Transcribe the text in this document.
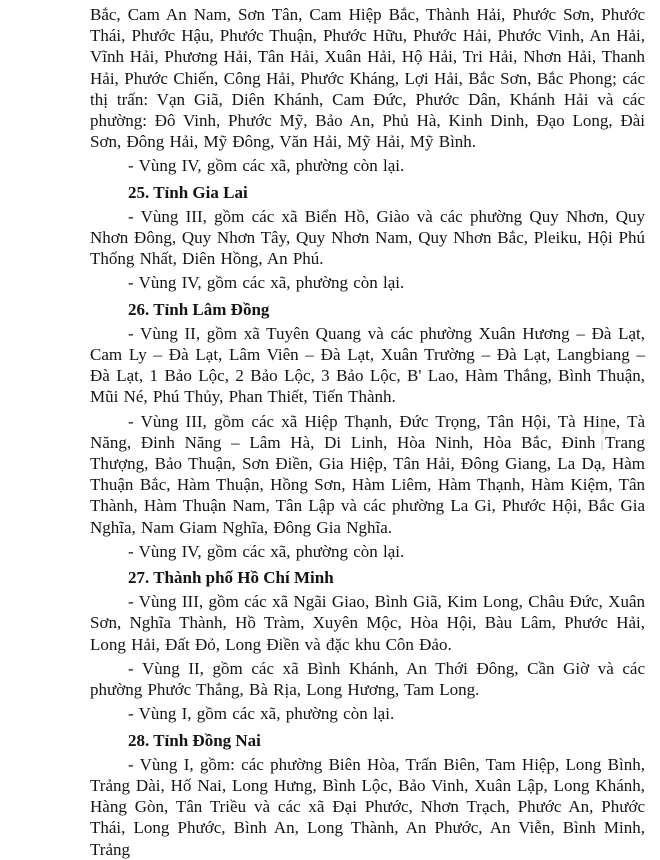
Bắc, Cam An Nam, Sơn Tân, Cam Hiệp Bắc, Thành Hải, Phước Sơn, Phước Thái, Phước Hậu, Phước Thuận, Phước Hữu, Phước Hải, Phước Vinh, An Hải, Vĩnh Hải, Phương Hải, Tân Hải, Xuân Hải, Hộ Hải, Tri Hải, Nhơn Hải, Thanh Hải, Phước Chiến, Công Hải, Phước Kháng, Lợi Hải, Bắc Sơn, Bắc Phong; các thị trấn: Vạn Giã, Diên Khánh, Cam Đức, Phước Dân, Khánh Hải và các phường: Đô Vinh, Phước Mỹ, Bảo An, Phủ Hà, Kinh Dinh, Đạo Long, Đài Sơn, Đông Hải, Mỹ Đông, Văn Hải, Mỹ Hải, Mỹ Bình.

- Vùng IV, gồm các xã, phường còn lại.

25. Tỉnh Gia Lai

- Vùng III, gồm các xã Biển Hồ, Giào và các phường Quy Nhơn, Quy Nhơn Đông, Quy Nhơn Tây, Quy Nhơn Nam, Quy Nhơn Bắc, Pleiku, Hội Phú Thống Nhất, Diên Hồng, An Phú.

- Vùng IV, gồm các xã, phường còn lại.

26. Tỉnh Lâm Đồng

- Vùng II, gồm xã Tuyên Quang và các phường Xuân Hương – Đà Lạt, Cam Ly – Đà Lạt, Lâm Viên – Đà Lạt, Xuân Trường – Đà Lạt, Langbiang – Đà Lạt, 1 Bảo Lộc, 2 Bảo Lộc, 3 Bảo Lộc, B' Lao, Hàm Thắng, Bình Thuận, Mũi Né, Phú Thủy, Phan Thiết, Tiến Thành.

- Vùng III, gồm các xã Hiệp Thạnh, Đức Trọng, Tân Hội, Tà Hine, Tà Năng, Đinh Năng – Lâm Hà, Di Linh, Hòa Ninh, Hòa Bắc, Đinh Trang Thượng, Bảo Thuận, Sơn Điền, Gia Hiệp, Tân Hải, Đông Giang, La Dạ, Hàm Thuận Bắc, Hàm Thuận, Hồng Sơn, Hàm Liêm, Hàm Thạnh, Hàm Kiệm, Tân Thành, Hàm Thuận Nam, Tân Lập và các phường La Gi, Phước Hội, Bắc Gia Nghĩa, Nam Giam Nghĩa, Đông Gia Nghĩa.

- Vùng IV, gồm các xã, phường còn lại.

27. Thành phố Hồ Chí Minh

- Vùng III, gồm các xã Ngãi Giao, Bình Giã, Kim Long, Châu Đức, Xuân Sơn, Nghĩa Thành, Hồ Tràm, Xuyên Mộc, Hòa Hội, Bàu Lâm, Phước Hải, Long Hải, Đất Đỏ, Long Điền và đặc khu Côn Đảo.

- Vùng II, gồm các xã Bình Khánh, An Thới Đông, Cần Giờ và các phường Phước Thắng, Bà Rịa, Long Hương, Tam Long.

- Vùng I, gồm các xã, phường còn lại.

28. Tỉnh Đồng Nai

- Vùng I, gồm: các phường Biên Hòa, Trấn Biên, Tam Hiệp, Long Bình, Trảng Dài, Hố Nai, Long Hưng, Bình Lộc, Bảo Vinh, Xuân Lập, Long Khánh, Hàng Gòn, Tân Triều và các xã Đại Phước, Nhơn Trạch, Phước An, Phước Thái, Long Phước, Bình An, Long Thành, An Phước, An Viễn, Bình Minh, Trảng
